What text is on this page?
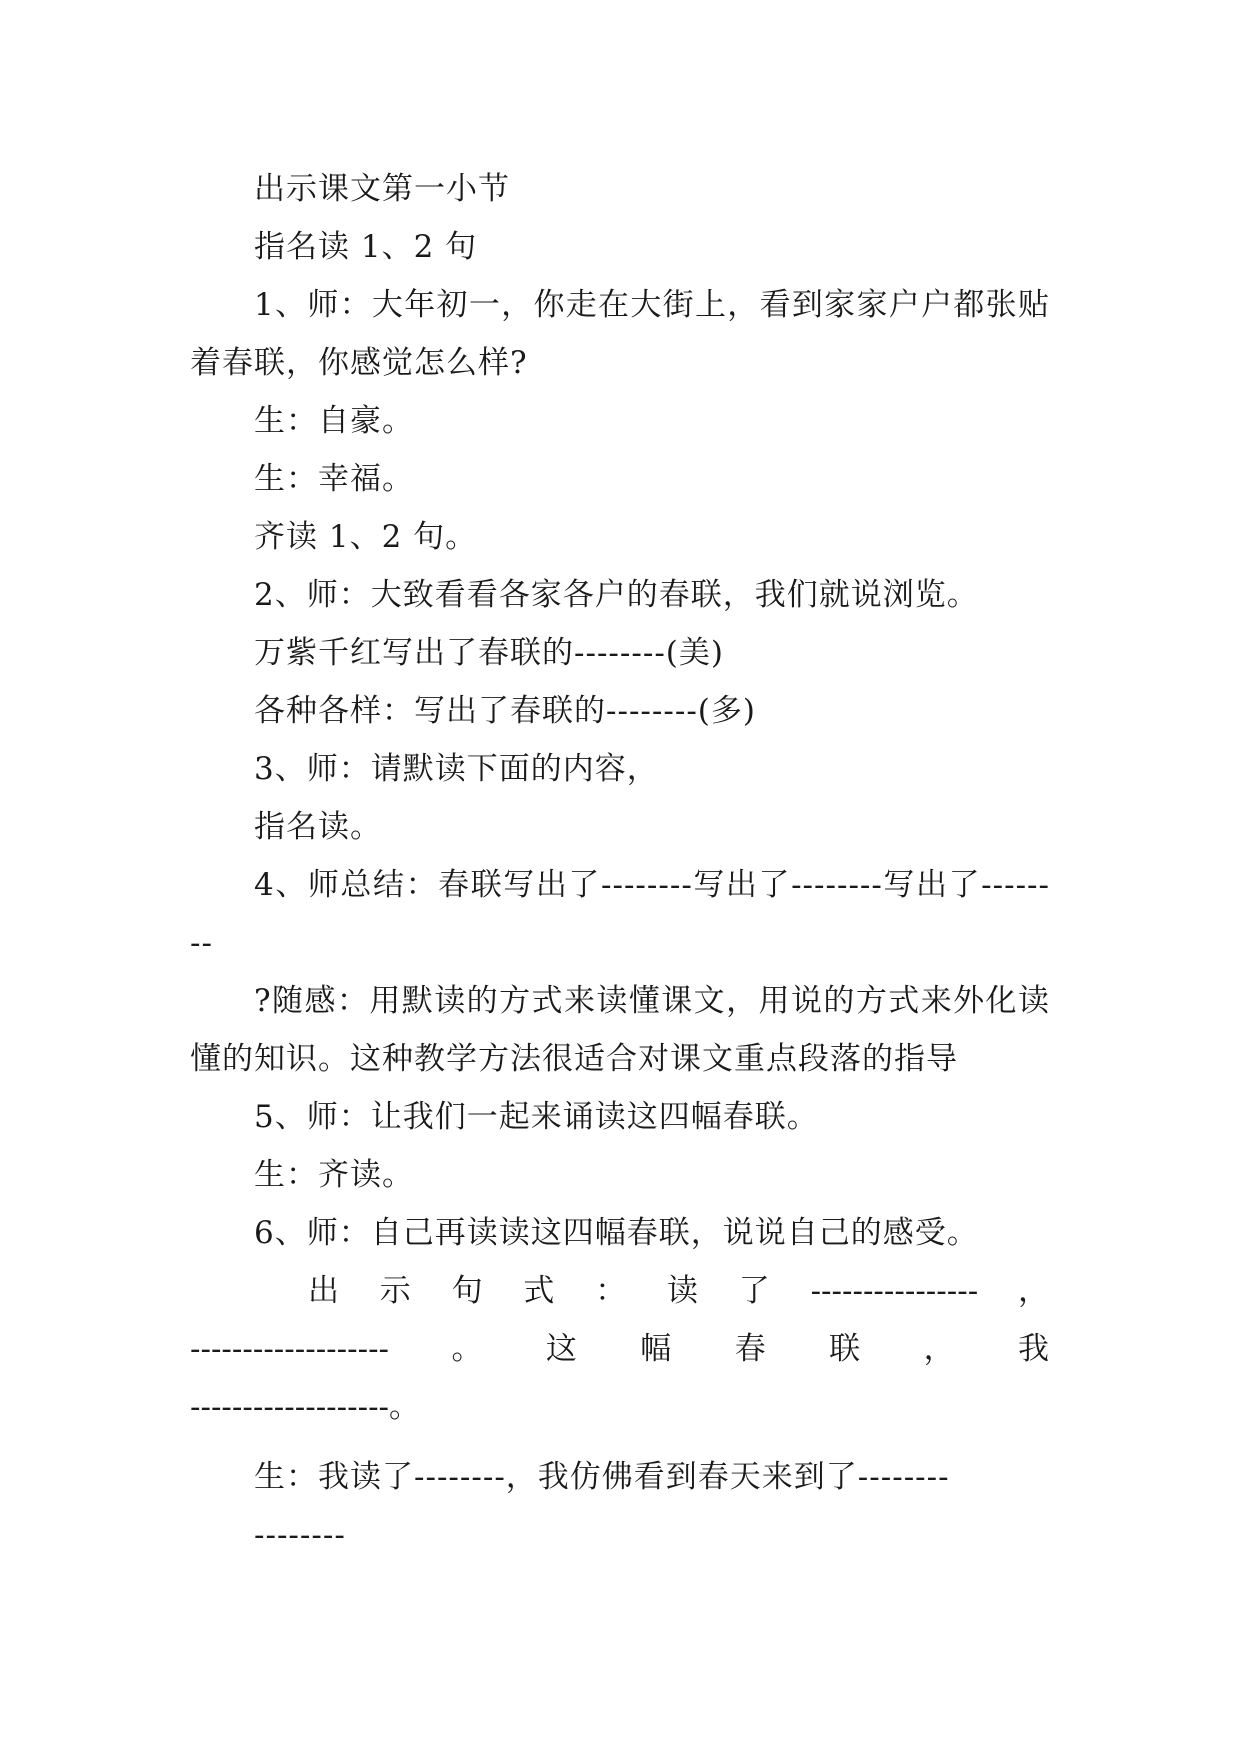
出示课文第一小节

指名读 1、2 句

1、师：大年初一，你走在大街上，看到家家户户都张贴着春联，你感觉怎么样?

生：自豪。

生：幸福。

齐读 1、2 句。

2、师：大致看看各家各户的春联，我们就说浏览。

万紫千红写出了春联的--------(美)

各种各样：写出了春联的--------(多)

3、师：请默读下面的内容，

指名读。

4、师总结：春联写出了--------写出了--------写出了--------

?随感：用默读的方式来读懂课文，用说的方式来外化读懂的知识。这种教学方法很适合对课文重点段落的指导

5、师：让我们一起来诵读这四幅春联。

生：齐读。

6、师：自己再读读这四幅春联，说说自己的感受。

出 示 句 式 ： 读 了 ---------------- ，
------------------- 。 这 幅 春 联 ， 我

-------------------。

生：我读了--------，我仿佛看到春天来到了--------

--------
